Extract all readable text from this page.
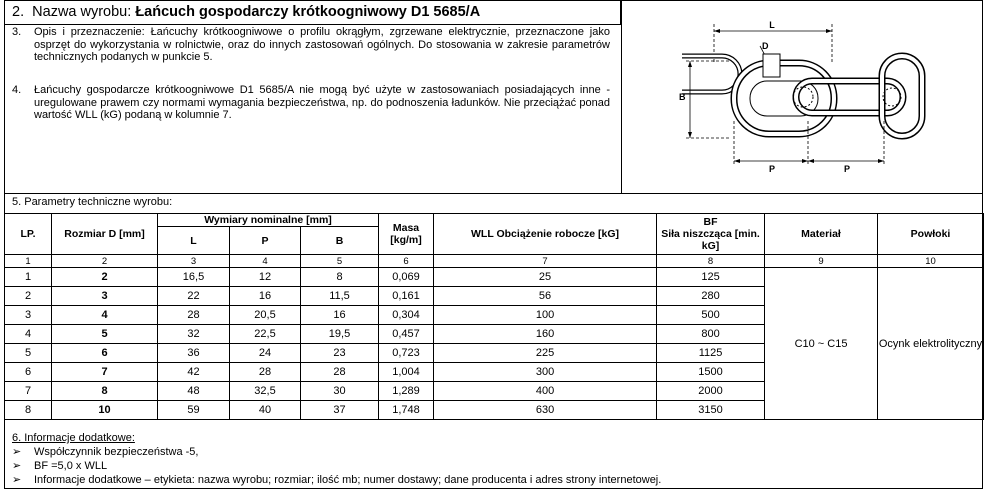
2. Nazwa wyrobu: Łańcuch gospodarczy krótkoogniwowy D1 5685/A
3. Opis i przeznaczenie: Łańcuchy krótkoogniwowe o profilu okrągłym, zgrzewane elektrycznie, przeznaczone jako osprzęt do wykorzystania w rolnictwie, oraz do innych zastosowań ogólnych. Do stosowania w zakresie parametrów technicznych podanych w punkcie 5.
4. Łańcuchy gospodarcze krótkoogniwowe D1 5685/A nie mogą być użyte w zastosowaniach posiadających inne - uregulowane prawem czy normami wymagania bezpieczeństwa, np. do podnoszenia ładunków. Nie przeciążać ponad wartość WLL (kG) podaną w kolumnie 7.
L
D
B
P	P
5. Parametry techniczne wyrobu:
LP.	Rozmiar D [mm]	Wymiary nominalne [mm]			Masa [kg/m]	WLL Obciążenie robocze [kG]	BF
Siła niszcząca [min. kG]	Materiał	Powłoki
		L	P	B					
1	2	3	4	5	6	7	8	9	10
1	2	16,5	12	8	0,069	25	125	C10 ~ C15	Ocynk elektrolityczny
2	3	22	16	11,5	0,161	56	280		
3	4	28	20,5	16	0,304	100	500		
4	5	32	22,5	19,5	0,457	160	800		
5	6	36	24	23	0,723	225	1125		
6	7	42	28	28	1,004	300	1500		
7	8	48	32,5	30	1,289	400	2000		
8	10	59	40	37	1,748	630	3150		
6. Informacje dodatkowe:
➢	Współczynnik bezpieczeństwa -5,
➢	BF =5,0 x WLL
➢	Informacje dodatkowe – etykieta: nazwa wyrobu; rozmiar; ilość mb; numer dostawy; dane producenta i adres strony internetowej.
